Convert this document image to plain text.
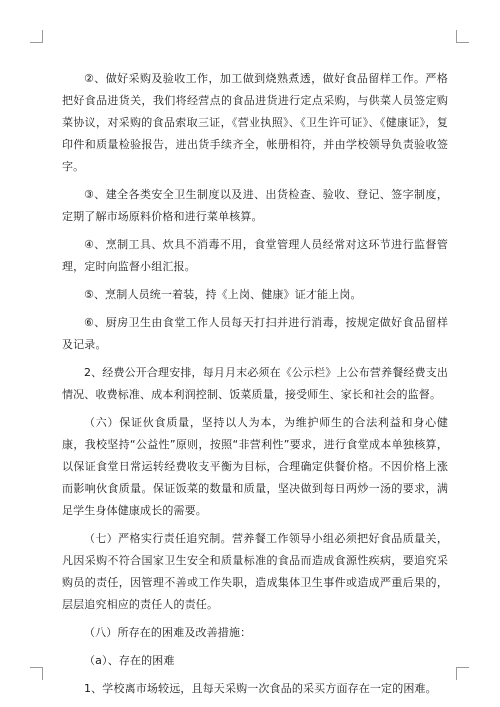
②、做好采购及验收工作，加工做到烧熟煮透，做好食品留样工作。严格把好食品进货关，我们将经营点的食品进货进行定点采购，与供菜人员签定购菜协议，对采购的食品索取三证，《营业执照》、《卫生许可证》、《健康证》，复印件和质量检验报告，进出货手续齐全，帐册相符，并由学校领导负责验收签字。

③、建全各类安全卫生制度以及进、出货检查、验收、登记、签字制度，定期了解市场原料价格和进行菜单核算。

④、烹制工具、炊具不消毒不用，食堂管理人员经常对这环节进行监督管理，定时向监督小组汇报。

⑤、烹制人员统一着装，持《上岗、健康》证才能上岗。

⑥、厨房卫生由食堂工作人员每天打扫并进行消毒，按规定做好食品留样及记录。

2、经费公开合理安排，每月月末必须在《公示栏》上公布营养餐经费支出情况、收费标准、成本利润控制、饭菜质量，接受师生、家长和社会的监督。

（六）保证伙食质量，坚持以人为本，为维护师生的合法利益和身心健康，我校坚持“公益性”原则，按照“非营利性”要求，进行食堂成本单独核算，以保证食堂日常运转经费收支平衡为目标，合理确定供餐价格。不因价格上涨而影响伙食质量。保证饭菜的数量和质量，坚决做到每日两炒一汤的要求，满足学生身体健康成长的需要。

（七）严格实行责任追究制。营养餐工作领导小组必须把好食品质量关，凡因采购不符合国家卫生安全和质量标准的食品而造成食源性疾病，要追究采购员的责任，因管理不善或工作失职，造成集体卫生事件或造成严重后果的，层层追究相应的责任人的责任。

（八）所存在的困难及改善措施：

（a）、存在的困难

1、学校离市场较远，且每天采购一次食品的采买方面存在一定的困难。
